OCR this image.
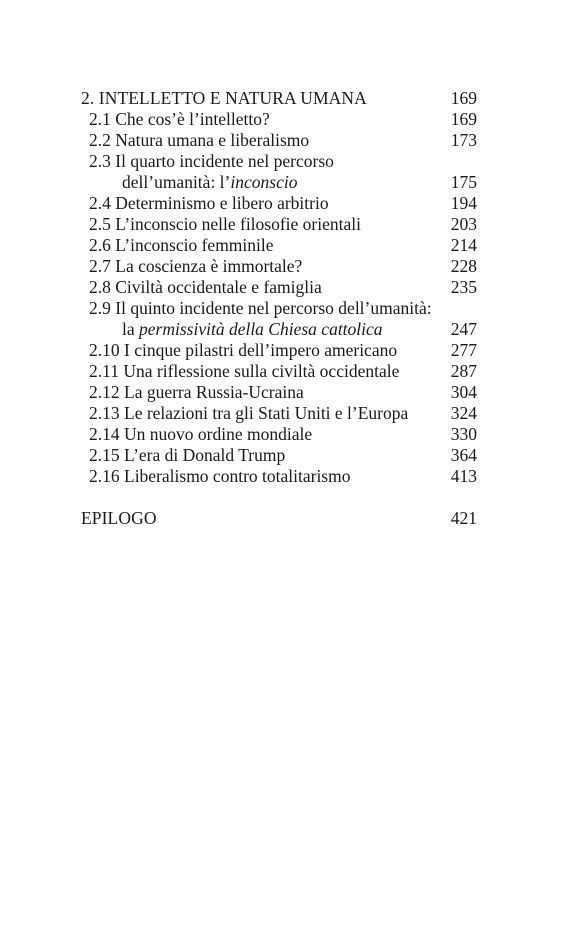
2. INTELLETTO E NATURA UMANA	169
2.1 Che cos’è l’intelletto?	169
2.2 Natura umana e liberalismo	173
2.3 Il quarto incidente nel percorso
dell’umanità: l’inconscio	175
2.4 Determinismo e libero arbitrio	194
2.5 L’inconscio nelle filosofie orientali	203
2.6 L’inconscio femminile	214
2.7 La coscienza è immortale?	228
2.8 Civiltà occidentale e famiglia	235
2.9 Il quinto incidente nel percorso dell’umanità:
la permissività della Chiesa cattolica	247
2.10 I cinque pilastri dell’impero americano	277
2.11 Una riflessione sulla civiltà occidentale	287
2.12 La guerra Russia-Ucraina	304
2.13 Le relazioni tra gli Stati Uniti e l’Europa 324
2.14 Un nuovo ordine mondiale	330
2.15 L’era di Donald Trump	364
2.16 Liberalismo contro totalitarismo	413
EPILOGO	421
